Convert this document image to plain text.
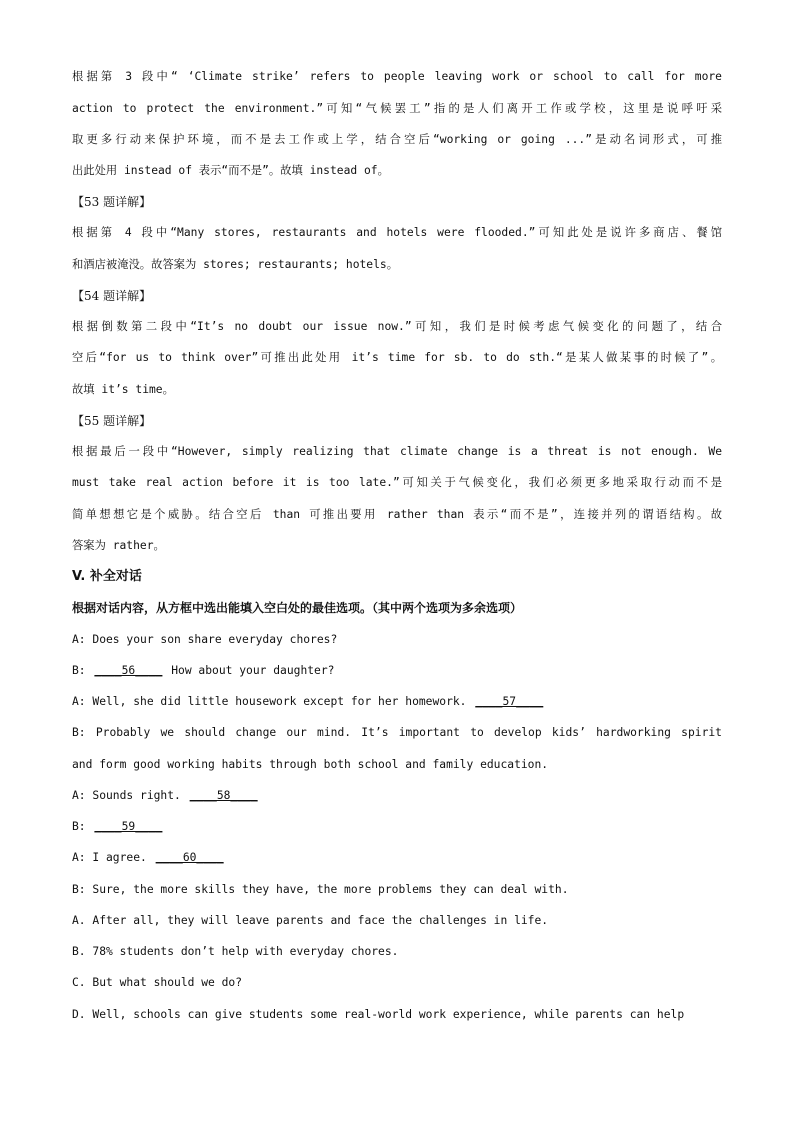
根据第 3 段中“ ‘Climate strike’ refers to people leaving work or school to call for more
action to protect the environment.”可知“气候罢工”指的是人们离开工作或学校，这里是说呼吁采
取更多行动来保护环境，而不是去工作或上学，结合空后“working or going ...”是动名词形式，可推
出此处用 instead of 表示“而不是”。故填 instead of。
【53 题详解】
根据第 4 段中“Many stores, restaurants and hotels were flooded.”可知此处是说许多商店、餐馆
和酒店被淹没。故答案为 stores; restaurants; hotels。
【54 题详解】
根据倒数第二段中“It’s no doubt our issue now.”可知，我们是时候考虑气候变化的问题了，结合
空后“for us to think over”可推出此处用 it’s time for sb. to do sth.“是某人做某事的时候了”。
故填 it’s time。
【55 题详解】
根据最后一段中“However, simply realizing that climate change is a threat is not enough. We
must take real action before it is too late.”可知关于气候变化，我们必须更多地采取行动而不是
简单想想它是个威胁。结合空后 than 可推出要用 rather than 表示“而不是”，连接并列的谓语结构。故
答案为 rather。
V. 补全对话
根据对话内容，从方框中选出能填入空白处的最佳选项。（其中两个选项为多余选项）
A: Does your son share everyday chores?
B: ____56____ How about your daughter?
A: Well, she did little housework except for her homework. ____57____
B: Probably we should change our mind. It’s important to develop kids’ hardworking spirit
and form good working habits through both school and family education.
A: Sounds right. ____58____
B: ____59____
A: I agree. ____60____
B: Sure, the more skills they have, the more problems they can deal with.
A. After all, they will leave parents and face the challenges in life.
B. 78% students don’t help with everyday chores.
C. But what should we do?
D. Well, schools can give students some real-world work experience, while parents can help
